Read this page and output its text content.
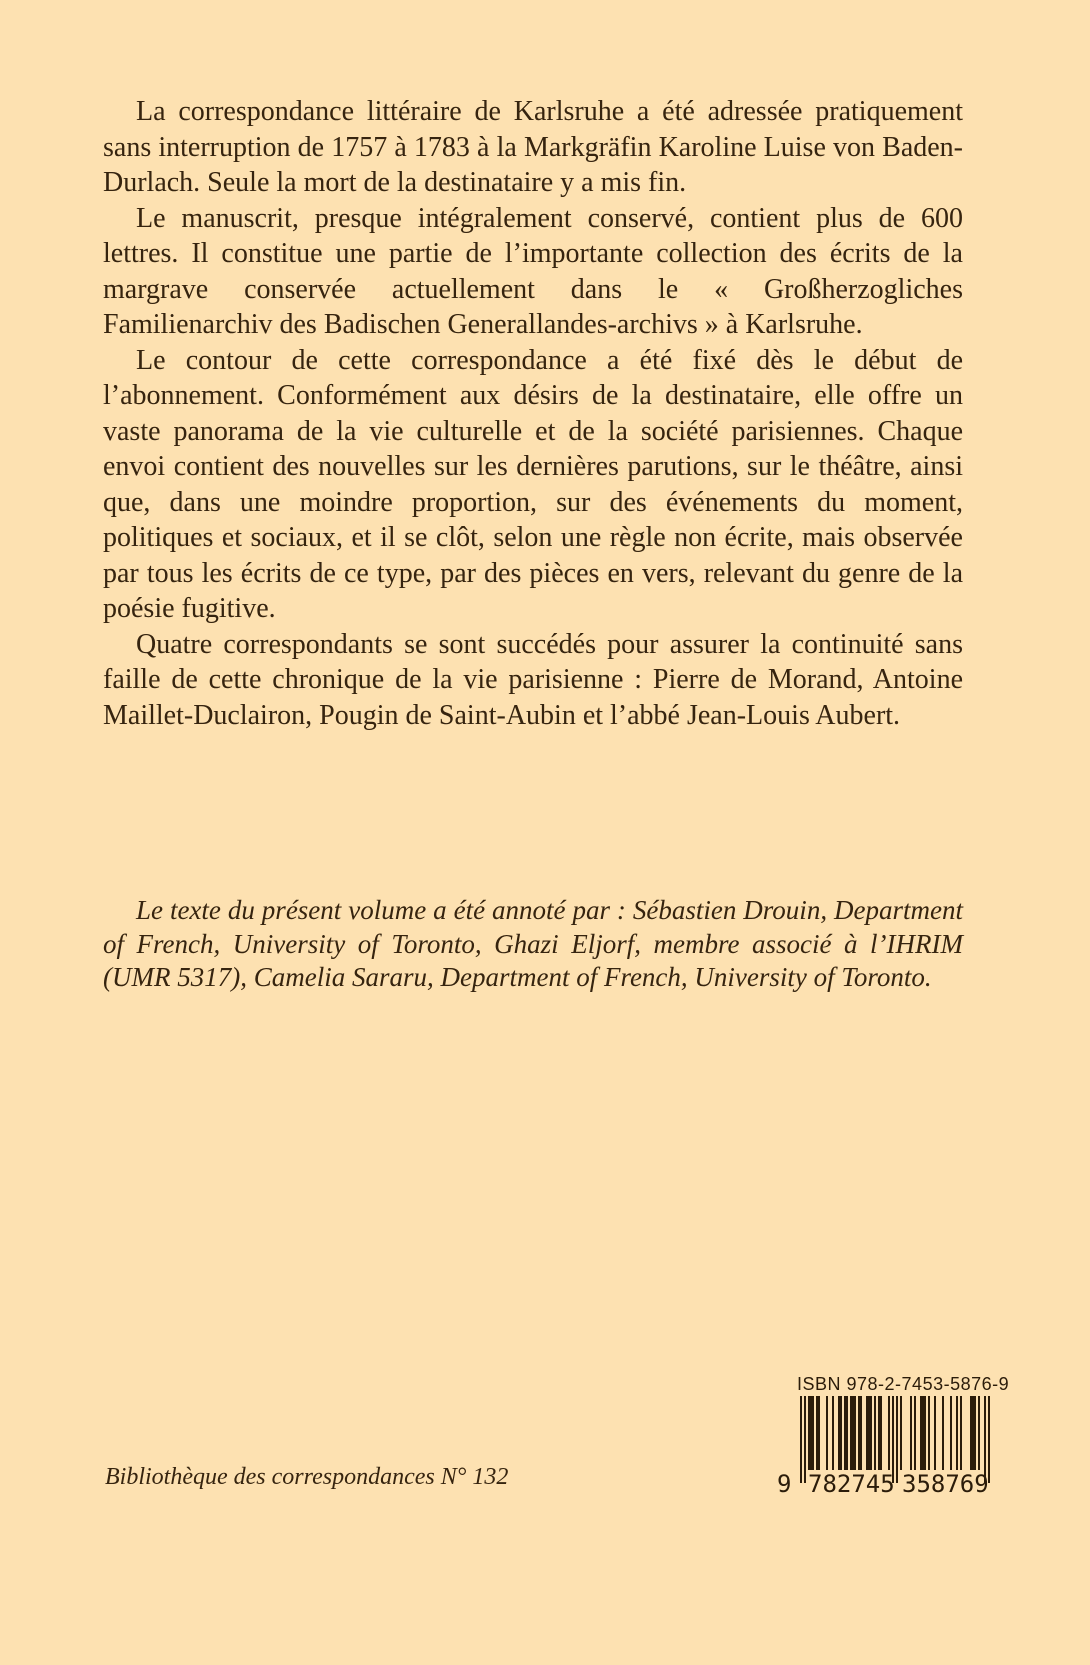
La correspondance littéraire de Karlsruhe a été adressée pratiquement sans interruption de 1757 à 1783 à la Markgräfin Karoline Luise von Baden-Durlach. Seule la mort de la destinataire y a mis fin.

Le manuscrit, presque intégralement conservé, contient plus de 600 lettres. Il constitue une partie de l’importante collection des écrits de la margrave conservée actuellement dans le « Großherzogliches Familienarchiv des Badischen Generallandes-archivs » à Karlsruhe.

Le contour de cette correspondance a été fixé dès le début de l’abonnement. Conformément aux désirs de la destinataire, elle offre un vaste panorama de la vie culturelle et de la société parisiennes. Chaque envoi contient des nouvelles sur les dernières parutions, sur le théâtre, ainsi que, dans une moindre proportion, sur des événements du moment, politiques et sociaux, et il se clôt, selon une règle non écrite, mais observée par tous les écrits de ce type, par des pièces en vers, relevant du genre de la poésie fugitive.

Quatre correspondants se sont succédés pour assurer la continuité sans faille de cette chronique de la vie parisienne : Pierre de Morand, Antoine Maillet-Duclairon, Pougin de Saint-Aubin et l’abbé Jean-Louis Aubert.

Le texte du présent volume a été annoté par : Sébastien Drouin, Department of French, University of Toronto, Ghazi Eljorf, membre associé à l’IHRIM (UMR 5317), Camelia Sararu, Department of French, University of Toronto.

Bibliothèque des correspondances N° 132
ISBN 978-2-7453-5876-9
9 782745 358769
